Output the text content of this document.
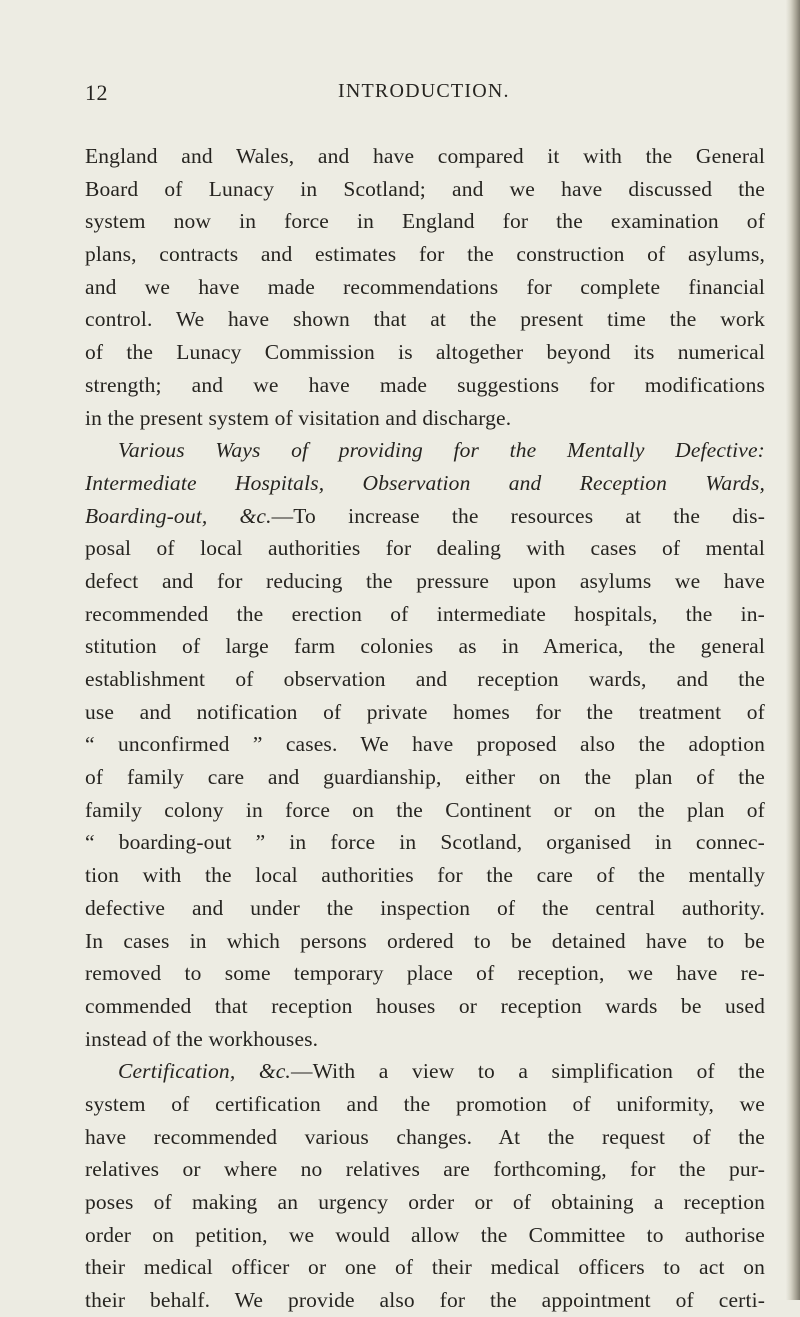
12	INTRODUCTION.
England and Wales, and have compared it with the General
Board of Lunacy in Scotland; and we have discussed the
system now in force in England for the examination of
plans, contracts and estimates for the construction of asylums,
and we have made recommendations for complete financial
control. We have shown that at the present time the work
of the Lunacy Commission is altogether beyond its numerical
strength; and we have made suggestions for modifications
in the present system of visitation and discharge.
Various Ways of providing for the Mentally Defective:
Intermediate Hospitals, Observation and Reception Wards,
Boarding-out, &c.—To increase the resources at the dis-
posal of local authorities for dealing with cases of mental
defect and for reducing the pressure upon asylums we have
recommended the erection of intermediate hospitals, the in-
stitution of large farm colonies as in America, the general
establishment of observation and reception wards, and the
use and notification of private homes for the treatment of
“ unconfirmed ” cases. We have proposed also the adoption
of family care and guardianship, either on the plan of the
family colony in force on the Continent or on the plan of
“ boarding-out ” in force in Scotland, organised in connec-
tion with the local authorities for the care of the mentally
defective and under the inspection of the central authority.
In cases in which persons ordered to be detained have to be
removed to some temporary place of reception, we have re-
commended that reception houses or reception wards be used
instead of the workhouses.
Certification, &c.—With a view to a simplification of the
system of certification and the promotion of uniformity, we
have recommended various changes. At the request of the
relatives or where no relatives are forthcoming, for the pur-
poses of making an urgency order or of obtaining a reception
order on petition, we would allow the Committee to authorise
their medical officer or one of their medical officers to act on
their behalf. We provide also for the appointment of certi-
